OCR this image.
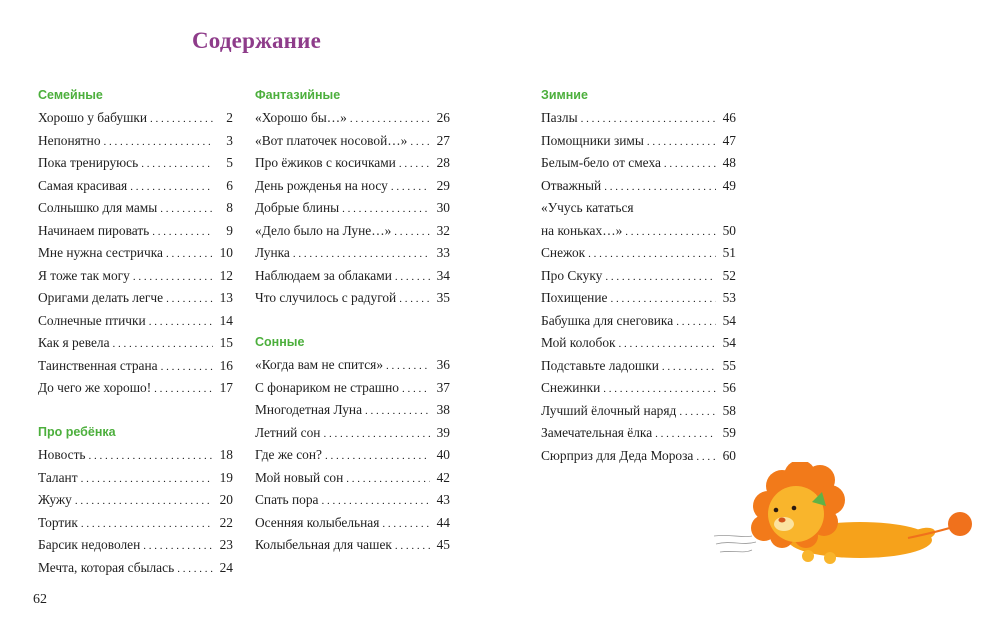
Содержание
Семейные
Хорошо у бабушки . . .	2
Непонятно . . .	3
Пока тренируюсь . . .	5
Самая красивая . . .	6
Солнышко для мамы . . .	8
Начинаем пировать . . .	9
Мне нужна сестричка . . .	10
Я тоже так могу . . .	12
Оригами делать легче . . .	13
Солнечные птички . . .	14
Как я ревела . . .	15
Таинственная страна . . .	16
До чего же хорошо! . . .	17
Про ребёнка
Новость . . .	18
Талант . . .	19
Жужу . . .	20
Тортик . . .	22
Барсик недоволен . . .	23
Мечта, которая сбылась . . .	24
Фантазийные
«Хорошо бы…» . . .	26
«Вот платочек носовой…» . . . 27
Про ёжиков с косичками . . .	28
День рожденья на носу . . .	29
Добрые блины . . .	30
«Дело было на Луне…» . . .	32
Лунка . . .	33
Наблюдаем за облаками . . .	34
Что случилось с радугой . . .	35
Сонные
«Когда вам не спится» . . .	36
С фонариком не страшно . . .	37
Многодетная Луна . . .	38
Летний сон . . .	39
Где же сон? . . .	40
Мой новый сон . . .	42
Спать пора . . .	43
Осенняя колыбельная . . .	44
Колыбельная для чашек . . .	45
Зимние
Пазлы . . .	46
Помощники зимы . . .	47
Белым-бело от смеха . . .	48
Отважный . . .	49
«Учусь кататься
на коньках…» . . .	50
Снежок . . .	51
Про Скуку . . .	52
Похищение . . .	53
Бабушка для снеговика . . .	54
Мой колобок . . .	54
Подставьте ладошки . . .	55
Снежинки . . .	56
Лучший ёлочный наряд . . .	58
Замечательная ёлка . . .	59
Сюрприз для Деда Мороза . . . 60
62
